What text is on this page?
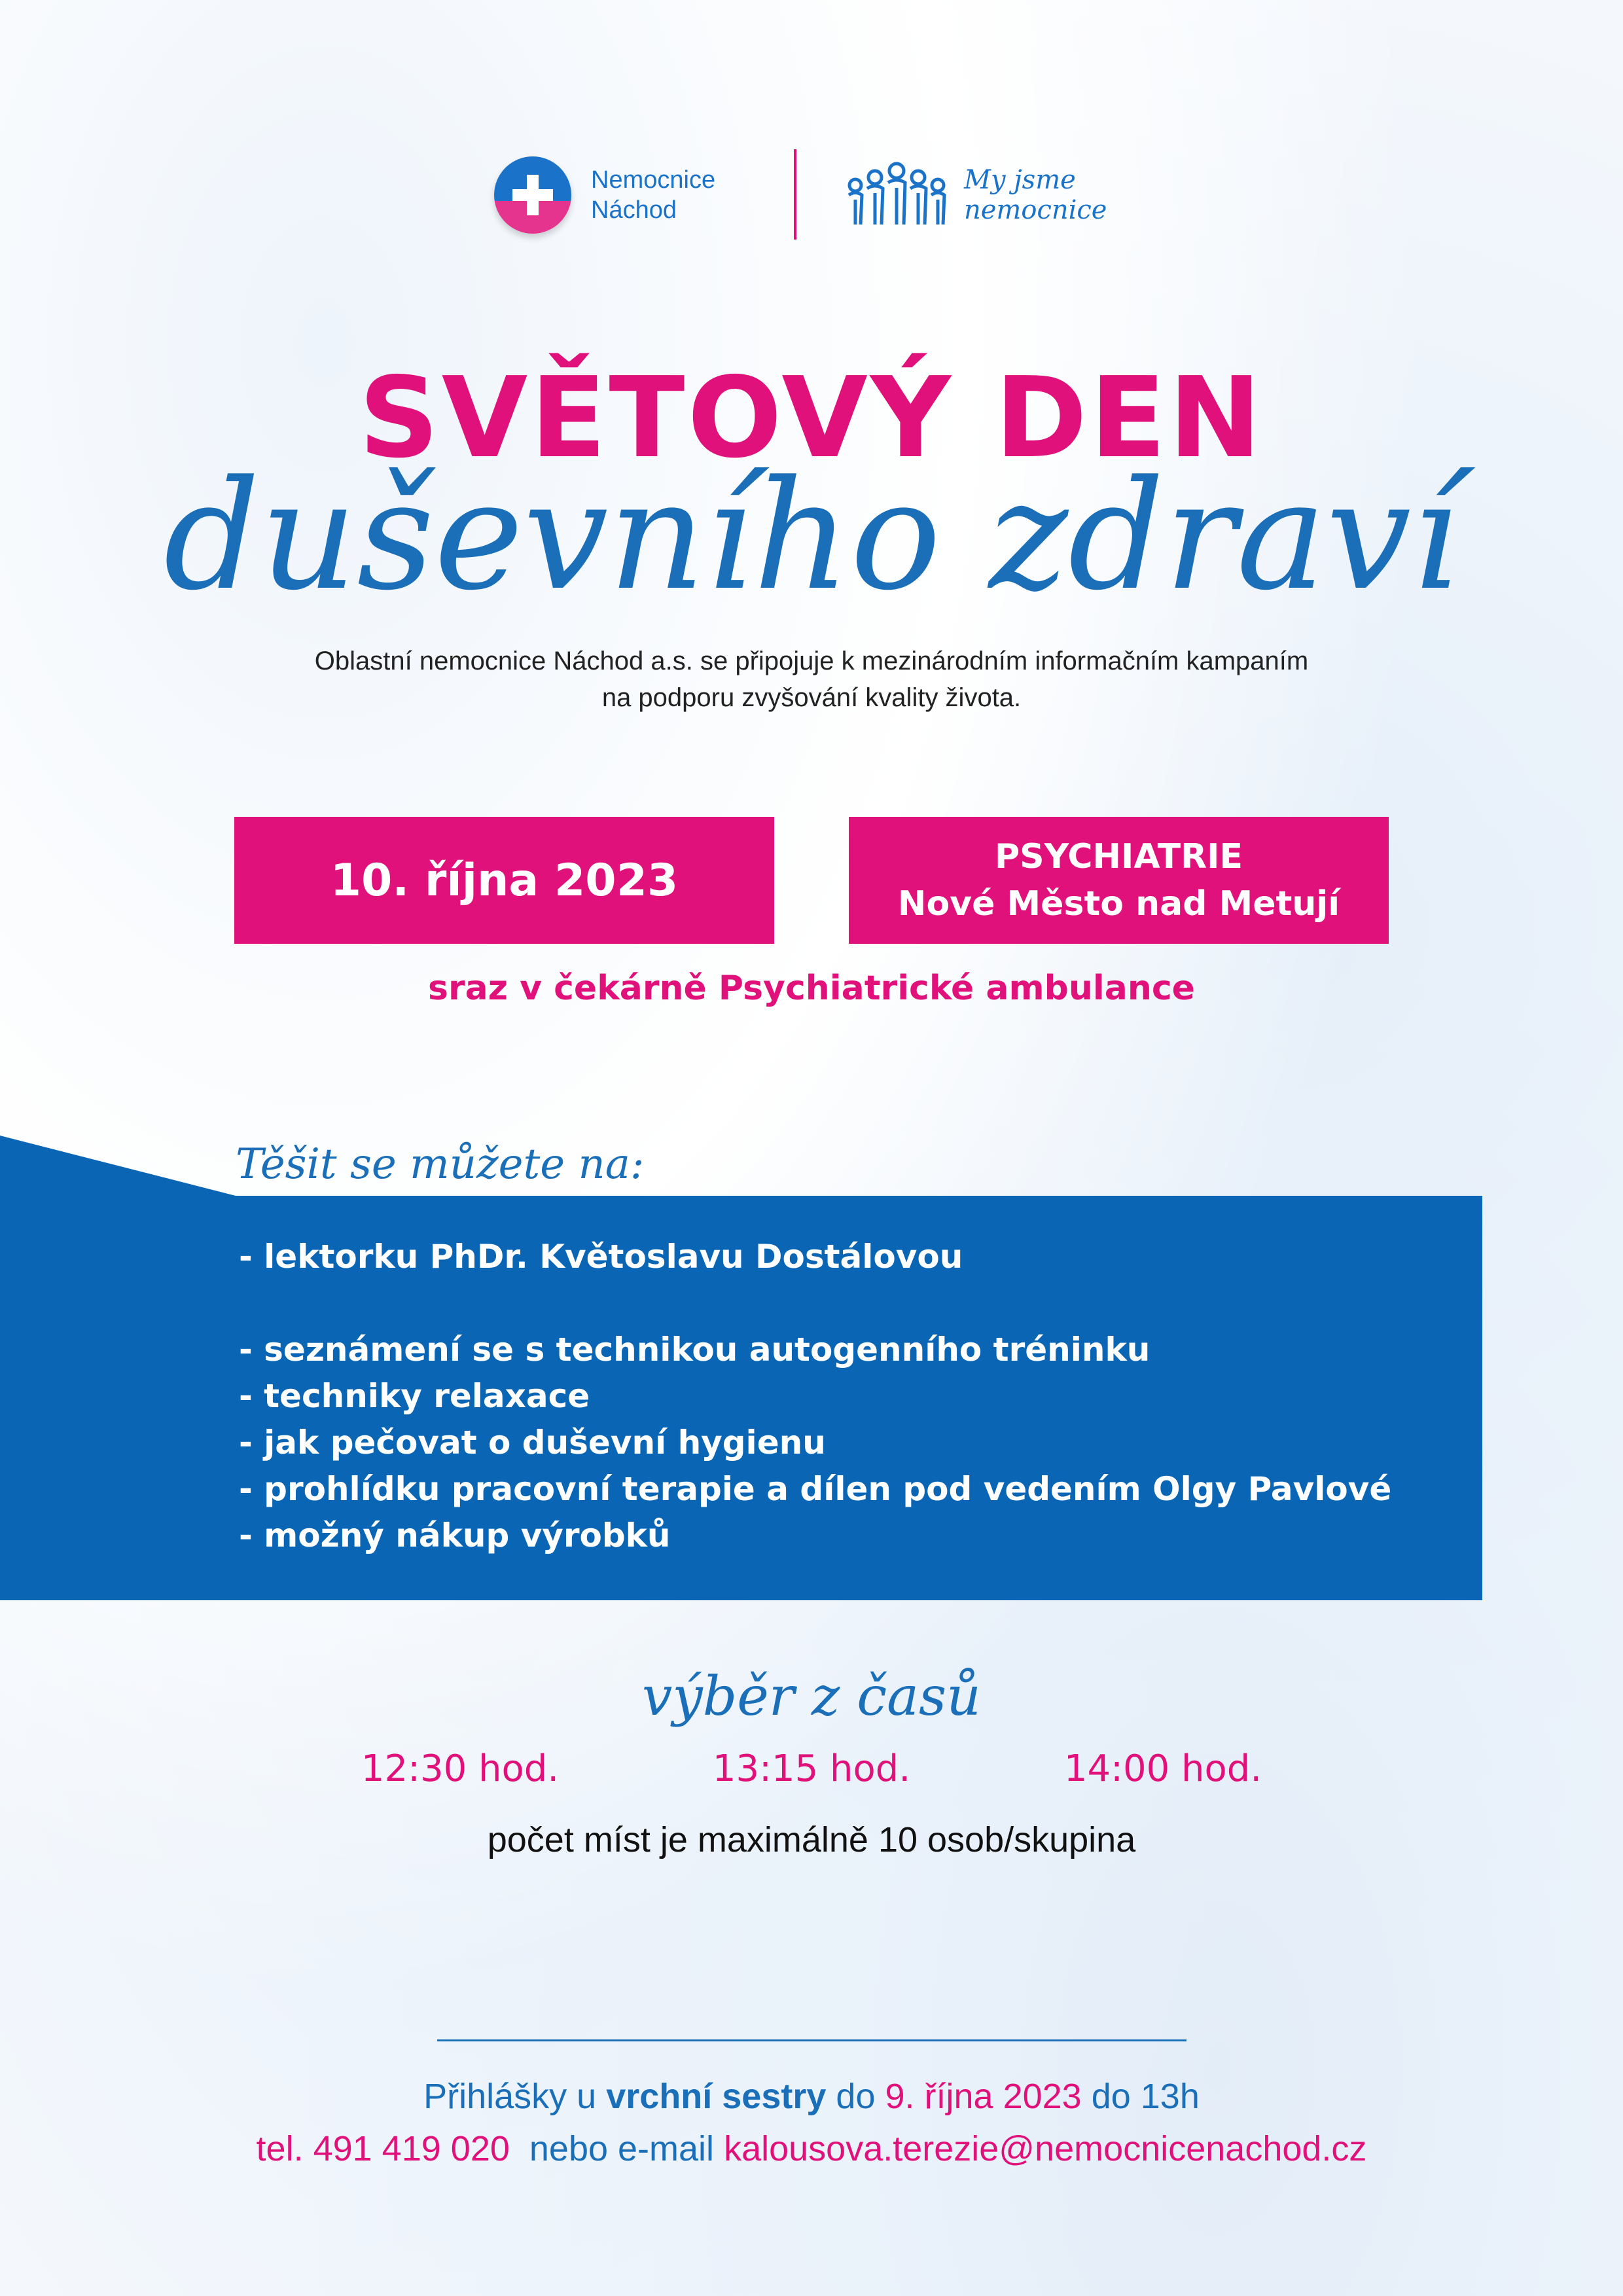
Nemocnice
Náchod
My jsme
nemocnice
SVĚTOVÝ DEN
duševního zdraví
Oblastní nemocnice Náchod a.s. se připojuje k mezinárodním informačním kampaním
na podporu zvyšování kvality života.
10. října 2023	PSYCHIATRIE
Nové Město nad Metují
sraz v čekárně Psychiatrické ambulance
Těšit se můžete na:
- lektorku PhDr. Květoslavu Dostálovou
- seznámení se s technikou autogenního tréninku
- techniky relaxace
- jak pečovat o duševní hygienu
- prohlídku pracovní terapie a dílen pod vedením Olgy Pavlové
- možný nákup výrobků
výběr z časů
12:30 hod.	13:15 hod.	14:00 hod.
počet míst je maximálně 10 osob/skupina
Přihlášky u vrchní sestry do 9. října 2023 do 13h
tel. 491 419 020  nebo e-mail kalousova.terezie@nemocnicenachod.cz
